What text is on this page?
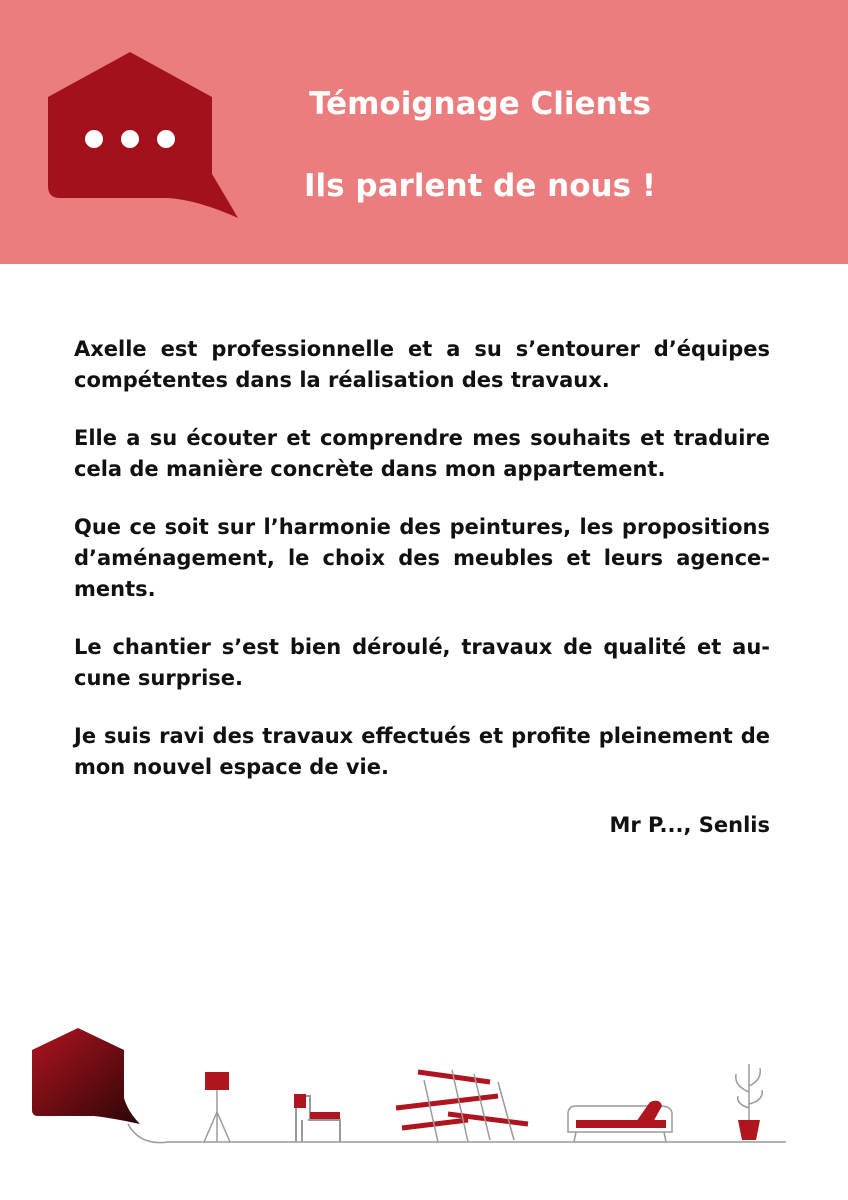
Témoignage Clients
Ils parlent de nous !

Axelle est professionnelle et a su s’entourer d’équipes compétentes dans la réalisation des travaux.

Elle a su écouter et comprendre mes souhaits et traduire cela de manière concrète dans mon appartement.

Que ce soit sur l’harmonie des peintures, les propositions d’aménagement, le choix des meubles et leurs agence-ments.

Le chantier s’est bien déroulé, travaux de qualité et au-cune surprise.

Je suis ravi des travaux effectués et profite pleinement de mon nouvel espace de vie.

Mr P..., Senlis
